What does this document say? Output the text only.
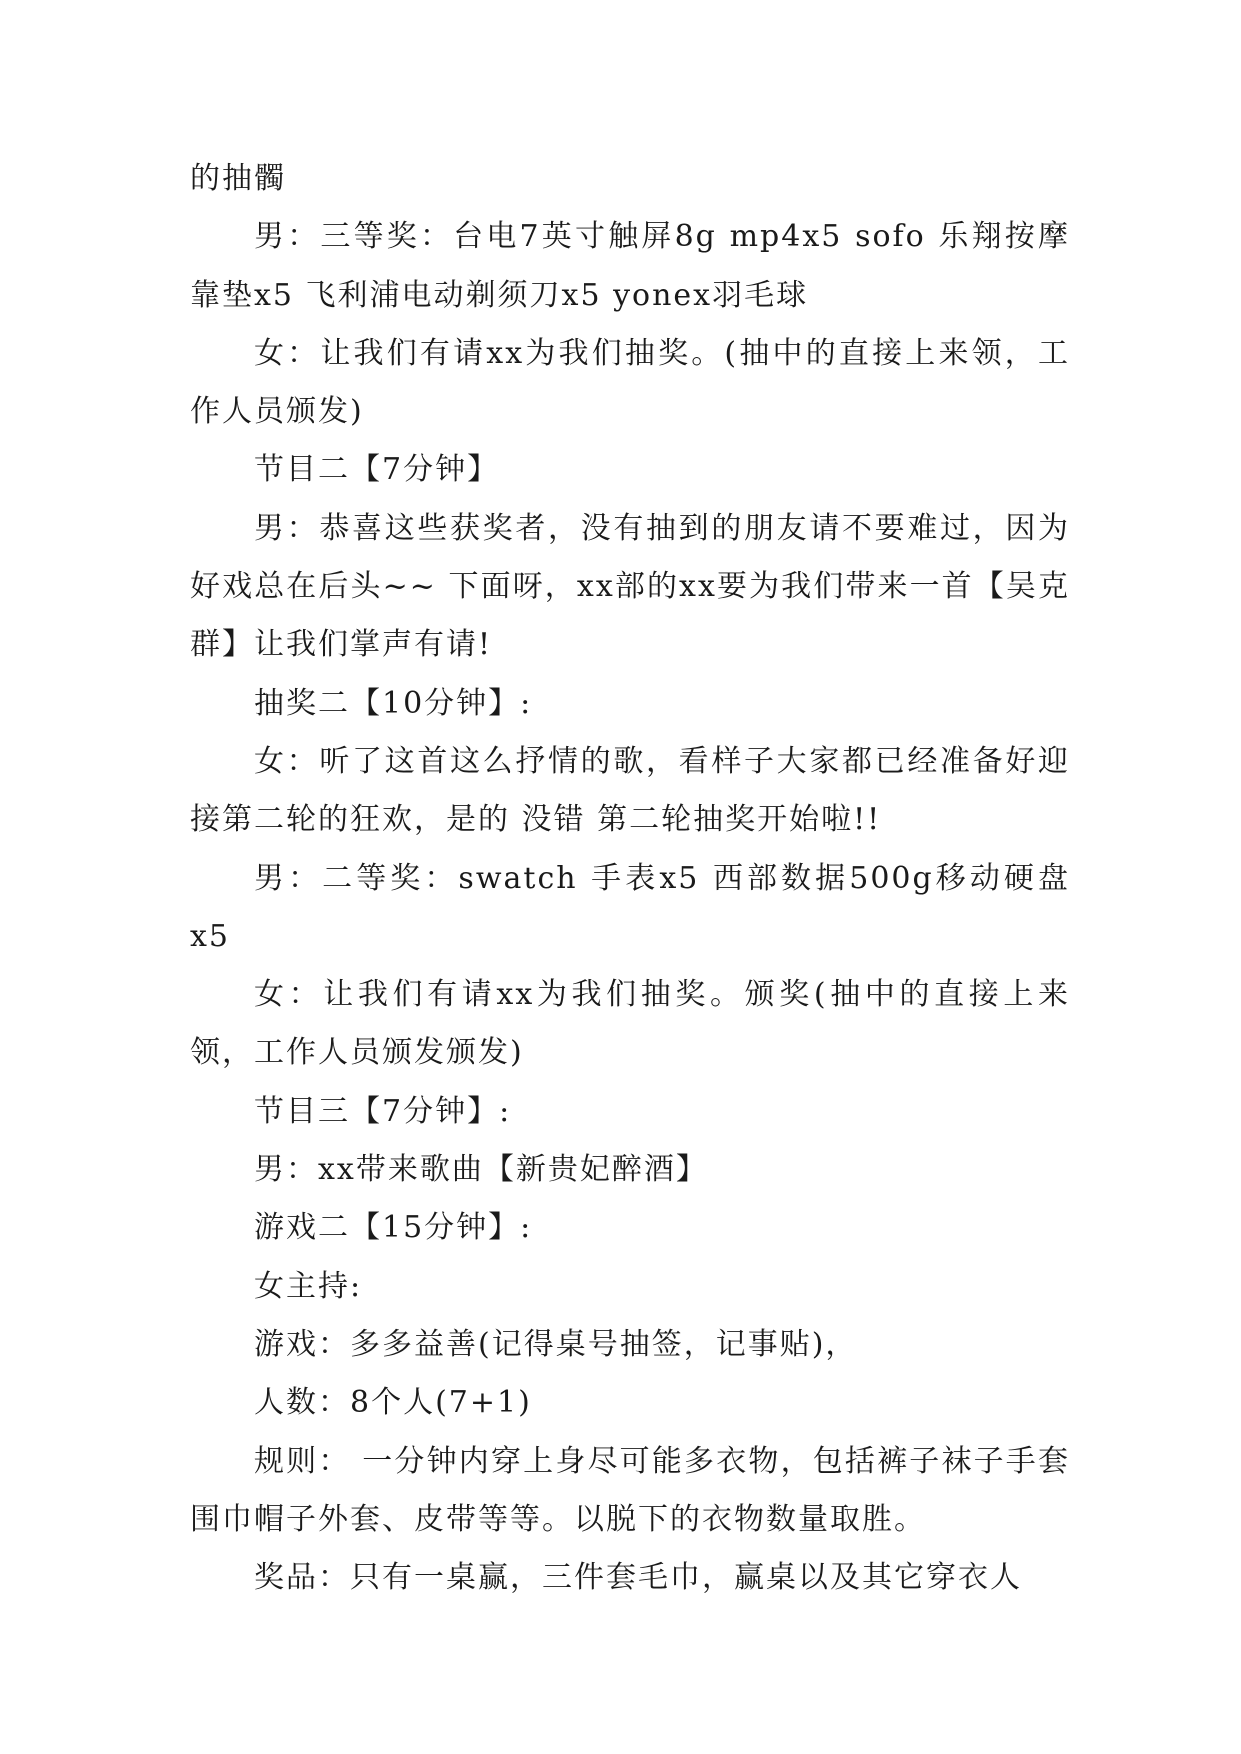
的抽髑

男：三等奖：台电7英寸触屏8g mp4x5 sofo 乐翔按摩靠垫x5 飞利浦电动剃须刀x5 yonex羽毛球

女：让我们有请xx为我们抽奖。(抽中的直接上来领，工作人员颁发)

节目二【7分钟】

男：恭喜这些获奖者，没有抽到的朋友请不要难过，因为好戏总在后头~~ 下面呀，xx部的xx要为我们带来一首【吴克群】让我们掌声有请!

抽奖二【10分钟】:

女：听了这首这么抒情的歌，看样子大家都已经准备好迎接第二轮的狂欢，是的 没错 第二轮抽奖开始啦!!

男：二等奖：swatch 手表x5 西部数据500g移动硬盘x5

女：让我们有请xx为我们抽奖。颁奖(抽中的直接上来领，工作人员颁发颁发)

节目三【7分钟】:

男：xx带来歌曲【新贵妃醉酒】

游戏二【15分钟】:

女主持:

游戏：多多益善(记得桌号抽签，记事贴)，

人数：8个人(7+1)

规则： 一分钟内穿上身尽可能多衣物，包括裤子袜子手套围巾帽子外套、皮带等等。以脱下的衣物数量取胜。

奖品：只有一桌赢，三件套毛巾，赢桌以及其它穿衣人
